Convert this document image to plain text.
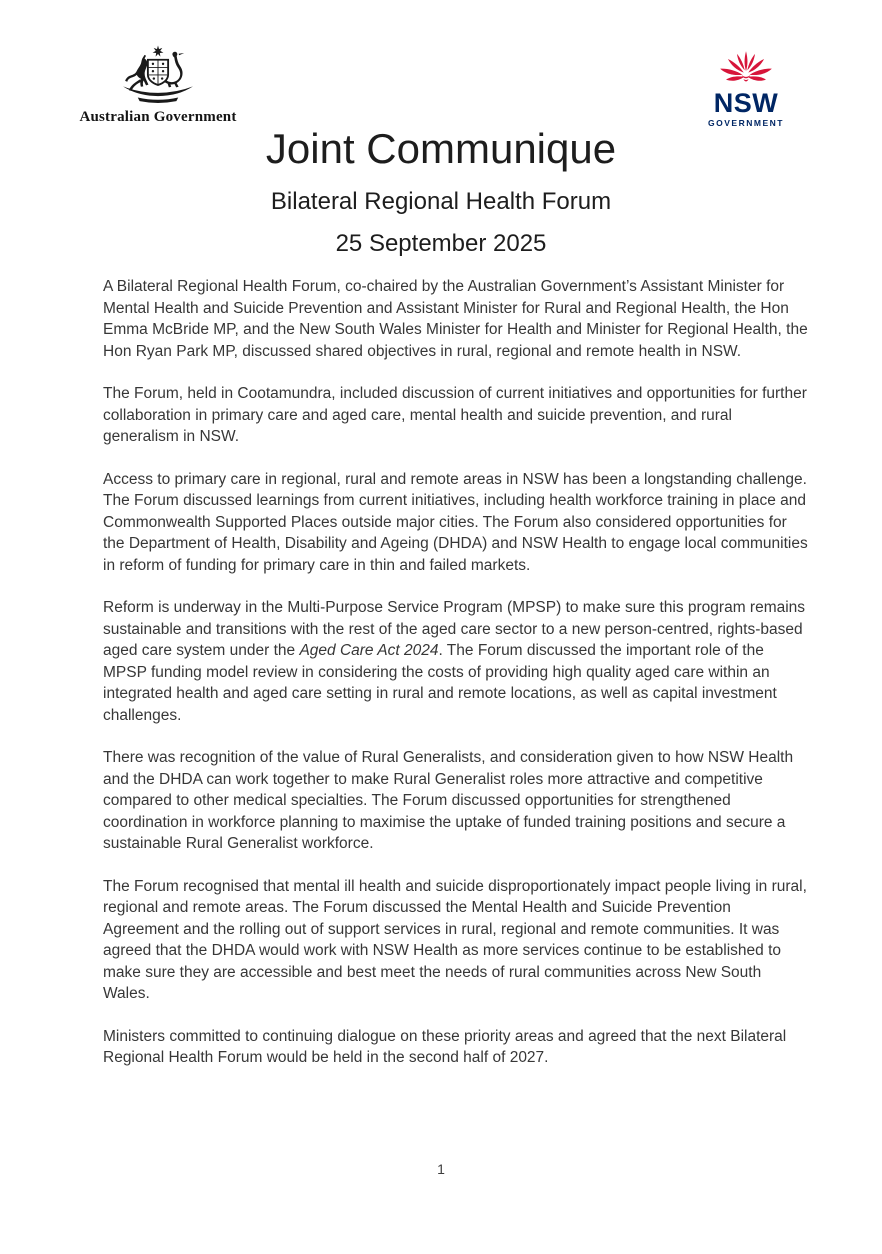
Australian Government	NSW
GOVERNMENT
Joint Communique
Bilateral Regional Health Forum
25 September 2025

A Bilateral Regional Health Forum, co-chaired by the Australian Government’s Assistant Minister for Mental Health and Suicide Prevention and Assistant Minister for Rural and Regional Health, the Hon Emma McBride MP, and the New South Wales Minister for Health and Minister for Regional Health, the Hon Ryan Park MP, discussed shared objectives in rural, regional and remote health in NSW.

The Forum, held in Cootamundra, included discussion of current initiatives and opportunities for further collaboration in primary care and aged care, mental health and suicide prevention, and rural generalism in NSW.

Access to primary care in regional, rural and remote areas in NSW has been a longstanding challenge. The Forum discussed learnings from current initiatives, including health workforce training in place and Commonwealth Supported Places outside major cities. The Forum also considered opportunities for the Department of Health, Disability and Ageing (DHDA) and NSW Health to engage local communities in reform of funding for primary care in thin and failed markets.

Reform is underway in the Multi-Purpose Service Program (MPSP) to make sure this program remains sustainable and transitions with the rest of the aged care sector to a new person-centred, rights-based aged care system under the Aged Care Act 2024. The Forum discussed the important role of the MPSP funding model review in considering the costs of providing high quality aged care within an integrated health and aged care setting in rural and remote locations, as well as capital investment challenges.

There was recognition of the value of Rural Generalists, and consideration given to how NSW Health and the DHDA can work together to make Rural Generalist roles more attractive and competitive compared to other medical specialties. The Forum discussed opportunities for strengthened coordination in workforce planning to maximise the uptake of funded training positions and secure a sustainable Rural Generalist workforce.

The Forum recognised that mental ill health and suicide disproportionately impact people living in rural, regional and remote areas. The Forum discussed the Mental Health and Suicide Prevention Agreement and the rolling out of support services in rural, regional and remote communities. It was agreed that the DHDA would work with NSW Health as more services continue to be established to make sure they are accessible and best meet the needs of rural communities across New South Wales.

Ministers committed to continuing dialogue on these priority areas and agreed that the next Bilateral Regional Health Forum would be held in the second half of 2027.

1
